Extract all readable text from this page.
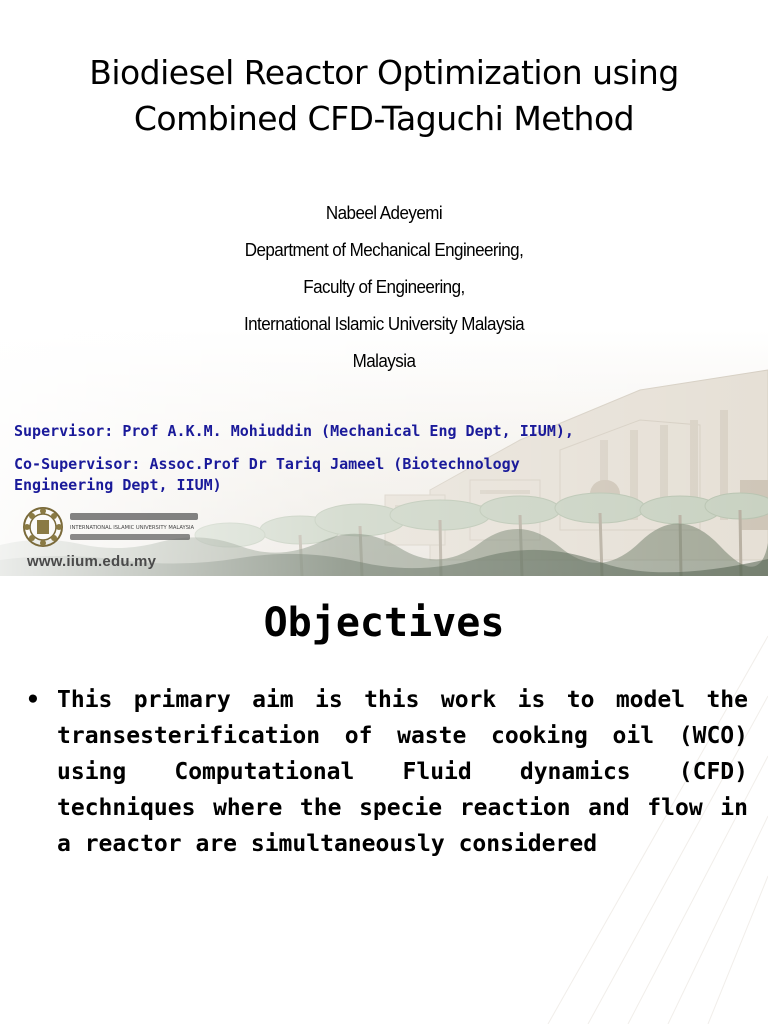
Biodiesel Reactor Optimization using
Combined CFD-Taguchi Method
Nabeel Adeyemi
Department of Mechanical Engineering,
Faculty of Engineering,
International Islamic University Malaysia
Malaysia
Supervisor: Prof A.K.M. Mohiuddin (Mechanical Eng Dept, IIUM),
Co-Supervisor: Assoc.Prof Dr Tariq Jameel (Biotechnology
Engineering Dept, IIUM)
INTERNATIONAL ISLAMIC UNIVERSITY MALAYSIA
www.iium.edu.my
Objectives
• This primary aim is this work is to model the transesterification of waste cooking oil (WCO) using Computational Fluid dynamics (CFD) techniques where the specie reaction and flow in a reactor are simultaneously considered
